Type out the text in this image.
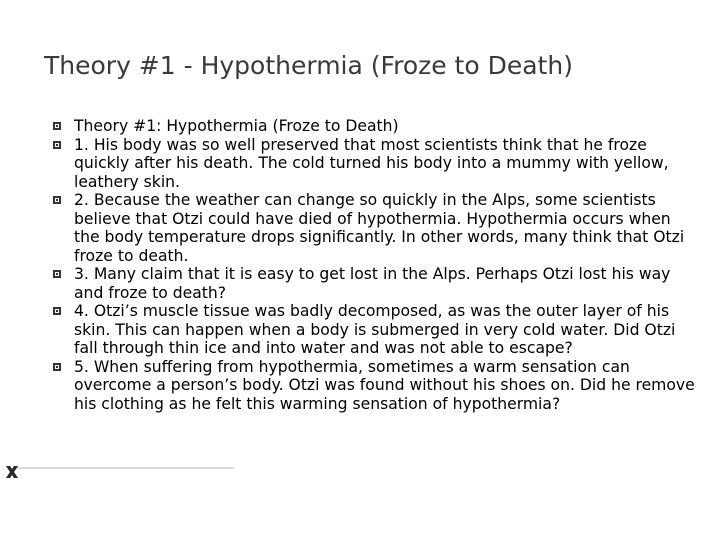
Theory #1 - Hypothermia (Froze to Death)
Theory #1: Hypothermia (Froze to Death)
1. His body was so well preserved that most scientists think that he froze quickly after his death. The cold turned his body into a mummy with yellow, leathery skin.
2. Because the weather can change so quickly in the Alps, some scientists believe that Otzi could have died of hypothermia. Hypothermia occurs when the body temperature drops significantly. In other words, many think that Otzi froze to death.
3. Many claim that it is easy to get lost in the Alps. Perhaps Otzi lost his way and froze to death?
4. Otzi’s muscle tissue was badly decomposed, as was the outer layer of his skin. This can happen when a body is submerged in very cold water. Did Otzi fall through thin ice and into water and was not able to escape?
5. When suffering from hypothermia, sometimes a warm sensation can overcome a person’s body. Otzi was found without his shoes on. Did he remove his clothing as he felt this warming sensation of hypothermia?
